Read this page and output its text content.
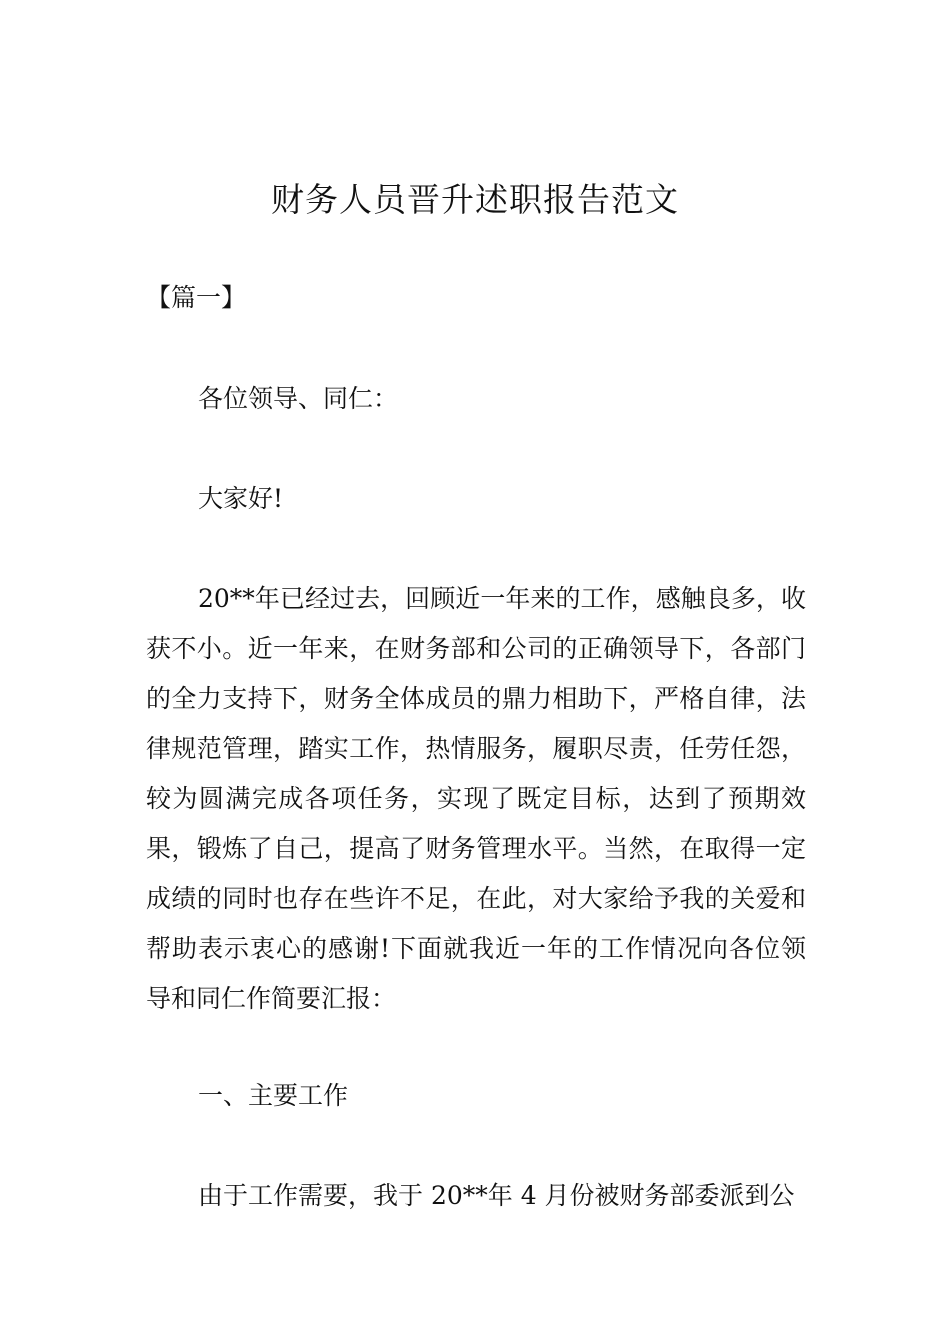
财务人员晋升述职报告范文

【篇一】

各位领导、同仁：

大家好!

20**年已经过去，回顾近一年来的工作，感触良多，收获不小。近一年来，在财务部和公司的正确领导下，各部门的全力支持下，财务全体成员的鼎力相助下，严格自律，法律规范管理，踏实工作，热情服务，履职尽责，任劳任怨，较为圆满完成各项任务，实现了既定目标，达到了预期效果，锻炼了自己，提高了财务管理水平。当然，在取得一定成绩的同时也存在些许不足，在此，对大家给予我的关爱和帮助表示衷心的感谢!下面就我近一年的工作情况向各位领导和同仁作简要汇报：

一、主要工作

由于工作需要，我于 20**年 4 月份被财务部委派到公
